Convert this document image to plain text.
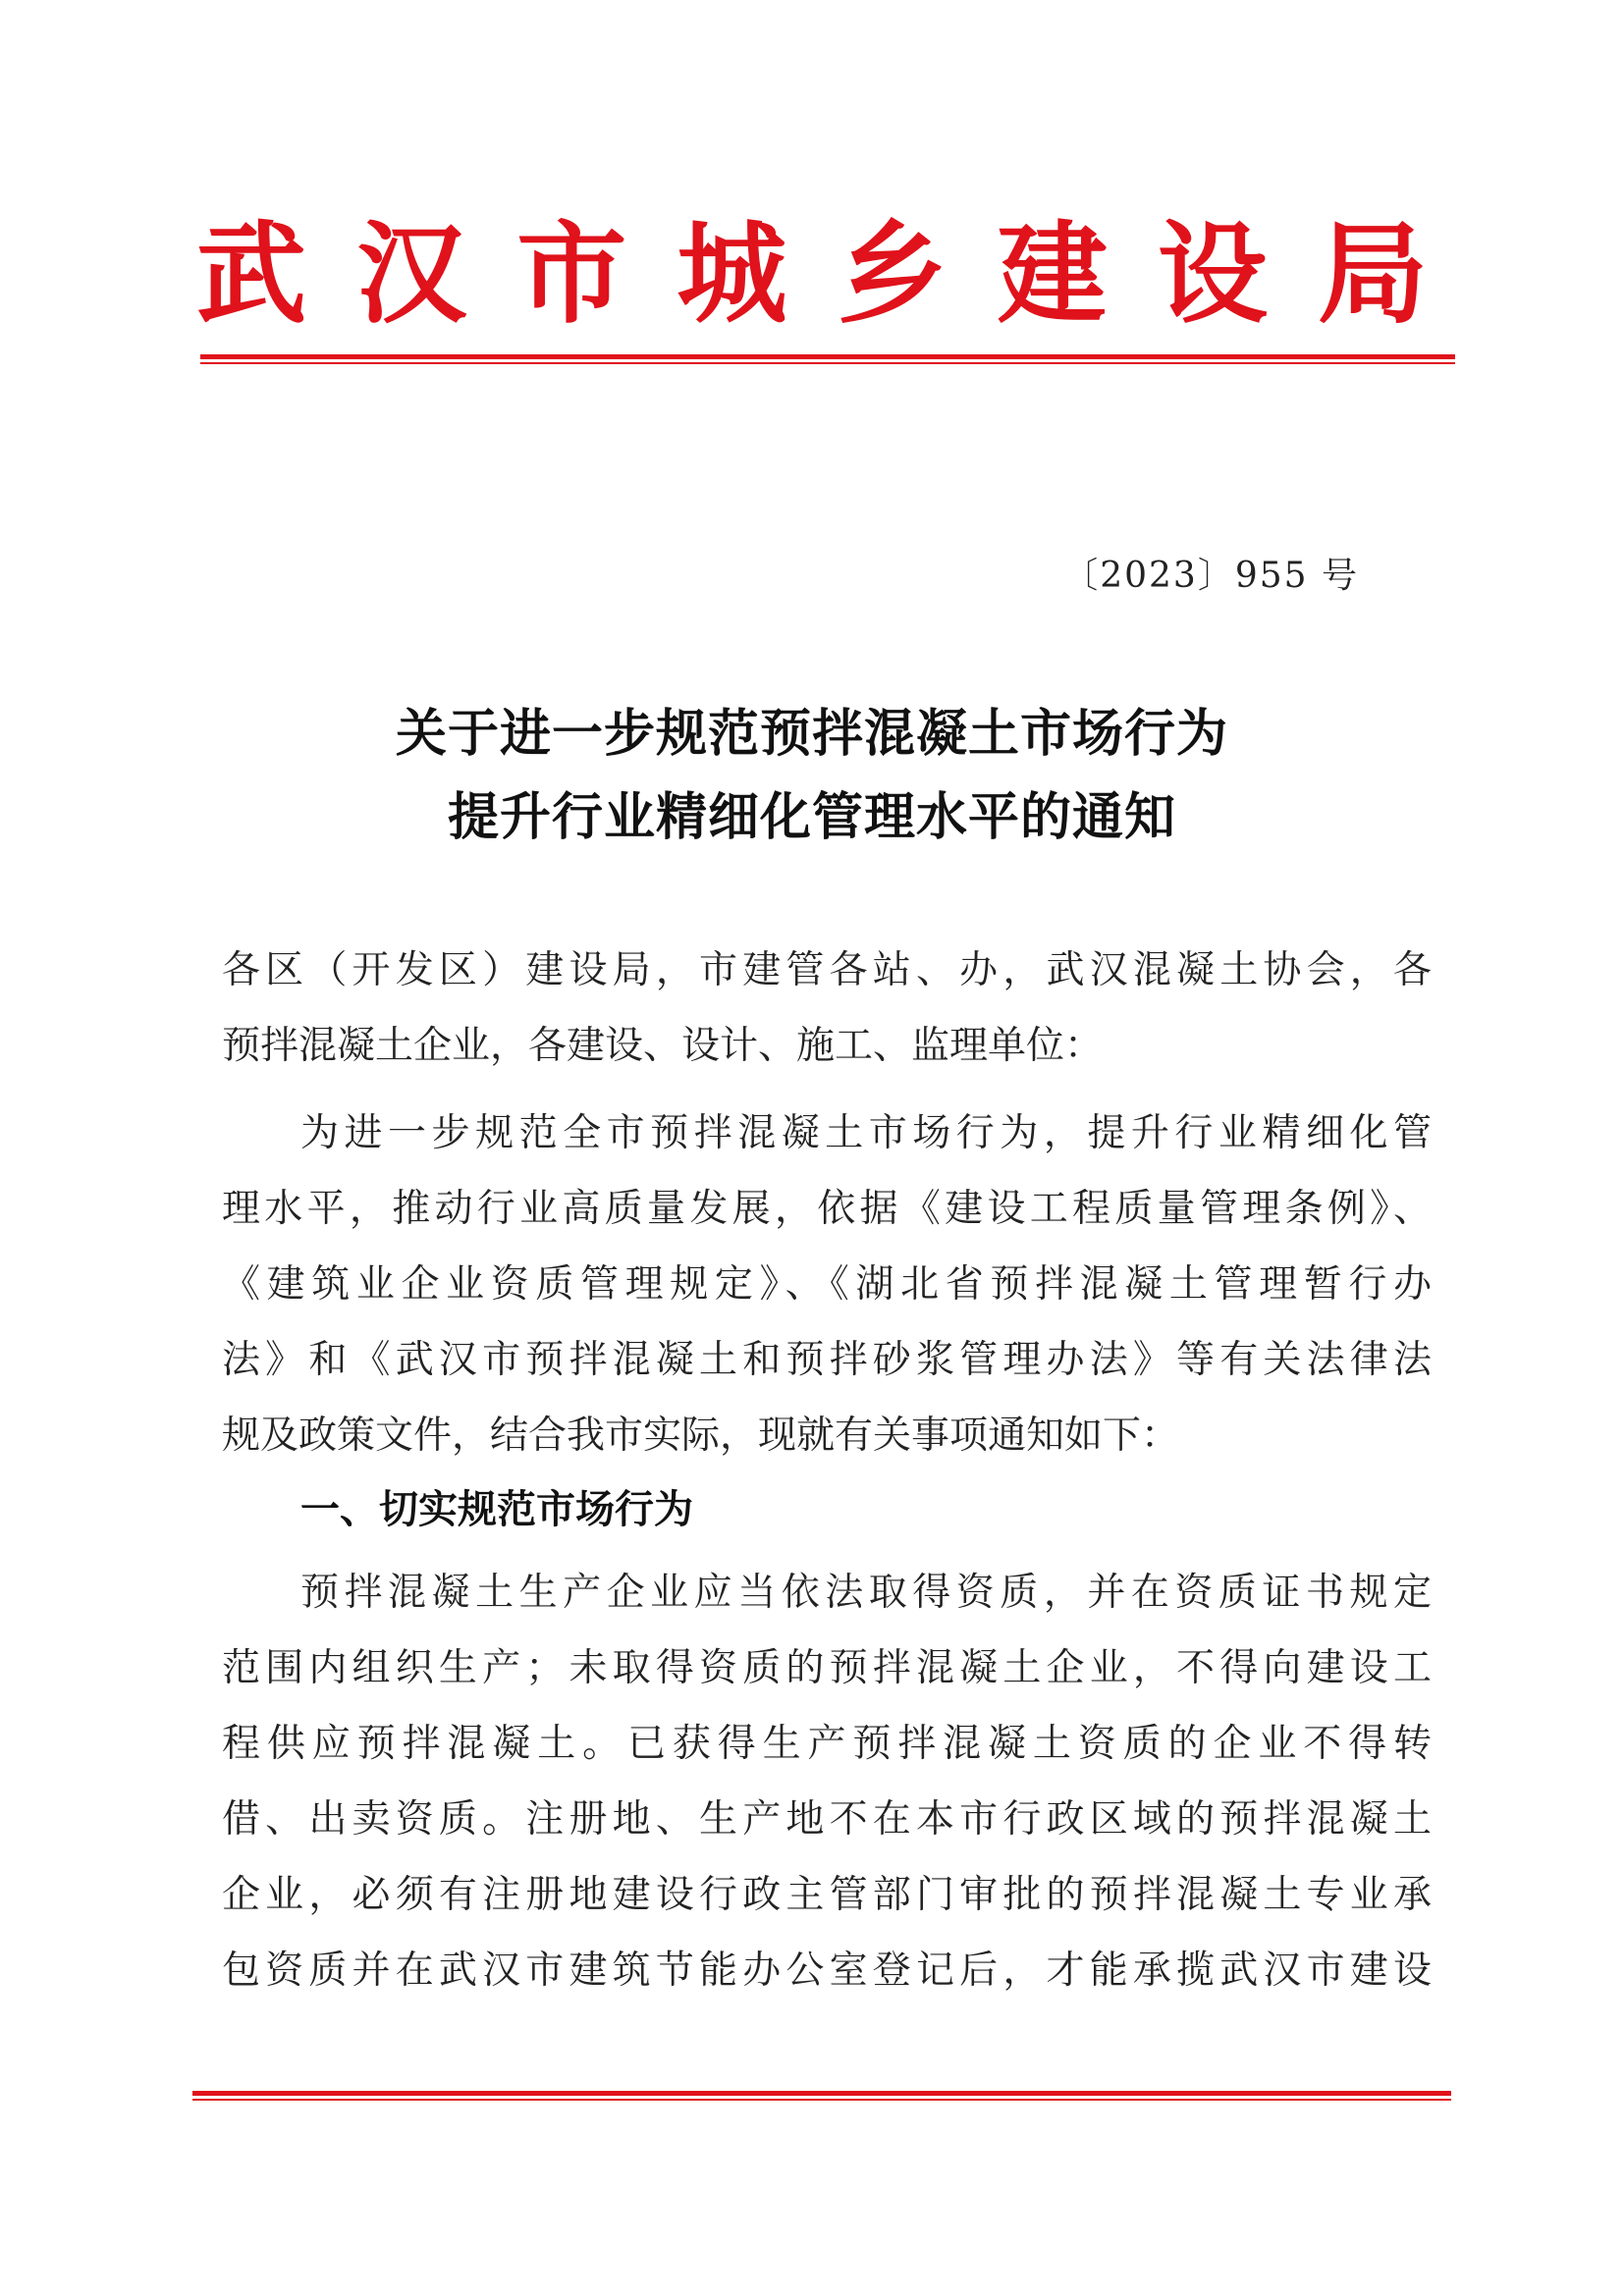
武 汉 市 城 乡 建 设 局
〔2023〕955 号
关于进一步规范预拌混凝土市场行为
提升行业精细化管理水平的通知
各区（开发区）建设局，市建管各站、办，武汉混凝土协会，各
预拌混凝土企业，各建设、设计、施工、监理单位：
为进一步规范全市预拌混凝土市场行为，提升行业精细化管
理水平，推动行业高质量发展，依据《建设工程质量管理条例》、
《建筑业企业资质管理规定》、《湖北省预拌混凝土管理暂行办
法》和《武汉市预拌混凝土和预拌砂浆管理办法》等有关法律法
规及政策文件，结合我市实际，现就有关事项通知如下：
一、切实规范市场行为
预拌混凝土生产企业应当依法取得资质，并在资质证书规定
范围内组织生产；未取得资质的预拌混凝土企业，不得向建设工
程供应预拌混凝土。已获得生产预拌混凝土资质的企业不得转
借、出卖资质。注册地、生产地不在本市行政区域的预拌混凝土
企业，必须有注册地建设行政主管部门审批的预拌混凝土专业承
包资质并在武汉市建筑节能办公室登记后，才能承揽武汉市建设
